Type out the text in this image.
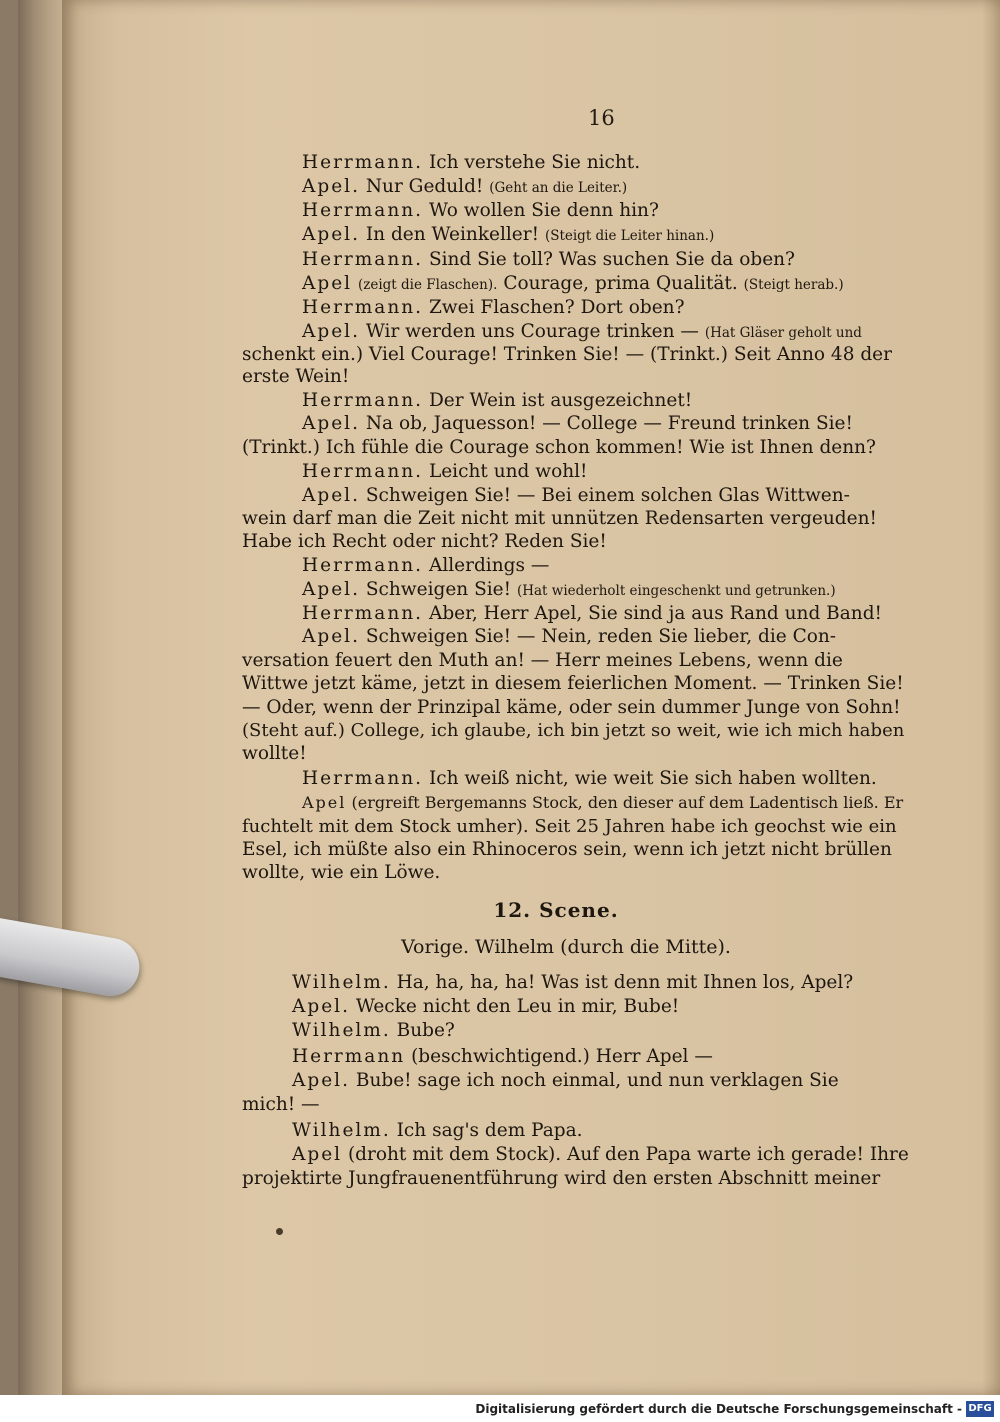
16
Herrmann. Ich verstehe Sie nicht.
Apel. Nur Geduld! (Geht an die Leiter.)
Herrmann. Wo wollen Sie denn hin?
Apel. In den Weinkeller! (Steigt die Leiter hinan.)
Herrmann. Sind Sie toll? Was suchen Sie da oben?
Apel (zeigt die Flaschen). Courage, prima Qualität. (Steigt herab.)
Herrmann. Zwei Flaschen? Dort oben?
Apel. Wir werden uns Courage trinken — (Hat Gläser geholt und
schenkt ein.) Viel Courage! Trinken Sie! — (Trinkt.) Seit Anno 48 der
erste Wein!
Herrmann. Der Wein ist ausgezeichnet!
Apel. Na ob, Jaquesson! — College — Freund trinken Sie!
(Trinkt.) Ich fühle die Courage schon kommen! Wie ist Ihnen denn?
Herrmann. Leicht und wohl!
Apel. Schweigen Sie! — Bei einem solchen Glas Wittwen-
wein darf man die Zeit nicht mit unnützen Redensarten vergeuden!
Habe ich Recht oder nicht? Reden Sie!
Herrmann. Allerdings —
Apel. Schweigen Sie! (Hat wiederholt eingeschenkt und getrunken.)
Herrmann. Aber, Herr Apel, Sie sind ja aus Rand und Band!
Apel. Schweigen Sie! — Nein, reden Sie lieber, die Con-
versation feuert den Muth an! — Herr meines Lebens, wenn die
Wittwe jetzt käme, jetzt in diesem feierlichen Moment. — Trinken Sie!
— Oder, wenn der Prinzipal käme, oder sein dummer Junge von Sohn!
(Steht auf.) College, ich glaube, ich bin jetzt so weit, wie ich mich haben
wollte!
Herrmann. Ich weiß nicht, wie weit Sie sich haben wollten.
Apel (ergreift Bergemanns Stock, den dieser auf dem Ladentisch ließ. Er
fuchtelt mit dem Stock umher). Seit 25 Jahren habe ich geochst wie ein
Esel, ich müßte also ein Rhinoceros sein, wenn ich jetzt nicht brüllen
wollte, wie ein Löwe.
12. Scene.
Vorige. Wilhelm (durch die Mitte).
Wilhelm. Ha, ha, ha, ha! Was ist denn mit Ihnen los, Apel?
Apel. Wecke nicht den Leu in mir, Bube!
Wilhelm. Bube?
Herrmann (beschwichtigend.) Herr Apel —
Apel. Bube! sage ich noch einmal, und nun verklagen Sie
mich! —
Wilhelm. Ich sag's dem Papa.
Apel (droht mit dem Stock). Auf den Papa warte ich gerade! Ihre
projektirte Jungfrauenentführung wird den ersten Abschnitt meiner
Digitalisierung gefördert durch die Deutsche Forschungsgemeinschaft - DFG
